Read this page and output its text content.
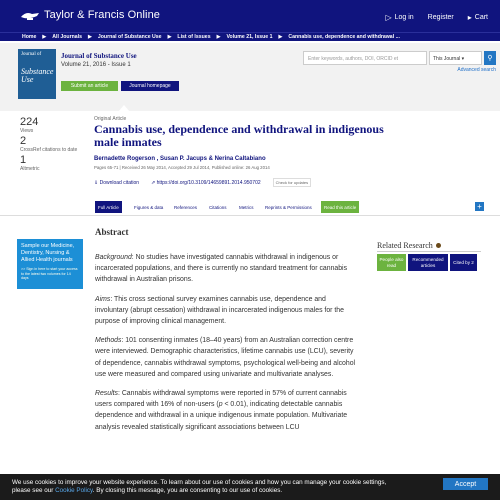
Taylor & Francis Online	▷ Log in Register ▸ Cart
Home ▶ All Journals ▶ Journal of Substance Use ▶ List of Issues ▶ Volume 21, Issue 1 ▶ Cannabis use, dependence and withdrawal ...
Journal of
Substance Use
Journal of Substance Use
Volume 21, 2016 - Issue 1
Submit an article	Journal homepage
Enter keywords, authors, DOI, ORCID et	This Journal ▾	⚲
Advanced search
224
Views
2
CrossRef citations to date
1
Altmetric
Original Article
Cannabis use, dependence and withdrawal in indigenous male inmates
Bernadette Rogerson , Susan P. Jacups & Nerina Caltabiano
Pages 65-71 | Received 26 May 2014, Accepted 29 Jul 2014, Published online: 26 Aug 2014
⇓ Download citation ⇗ https://doi.org/10.3109/14659891.2014.950702	Check for updates
Full Article	Figures & data	References	Citations	Metrics	Reprints & Permissions	Read this article	+
Sample our Medicine, Dentistry, Nursing & Allied Health journals
>> Sign in here to start your access to the latest two volumes for 14 days
Abstract

Background: No studies have investigated cannabis withdrawal in indigenous or incarcerated populations, and there is currently no standard treatment for cannabis withdrawal in Australian prisons.

Aims: This cross sectional survey examines cannabis use, dependence and involuntary (abrupt cessation) withdrawal in incarcerated indigenous males for the purpose of improving clinical management.

Methods: 101 consenting inmates (18–40 years) from an Australian correction centre were interviewed. Demographic characteristics, lifetime cannabis use (LCU), severity of dependence, cannabis withdrawal symptoms, psychological well-being and alcohol use were measured and compared using univariate and multivariate analyses.

Results: Cannabis withdrawal symptoms were reported in 57% of current cannabis users compared with 16% of non-users (p < 0.01), indicating detectable cannabis dependence and withdrawal in a unique indigenous inmate population. Multivariate analysis revealed statistically significant associations between LCU

Related Research
People also read
Recommended articles
Cited by 2
We use cookies to improve your website experience. To learn about our use of cookies and how you can manage your cookie settings,
please see our Cookie Policy. By closing this message, you are consenting to our use of cookies.
Accept
